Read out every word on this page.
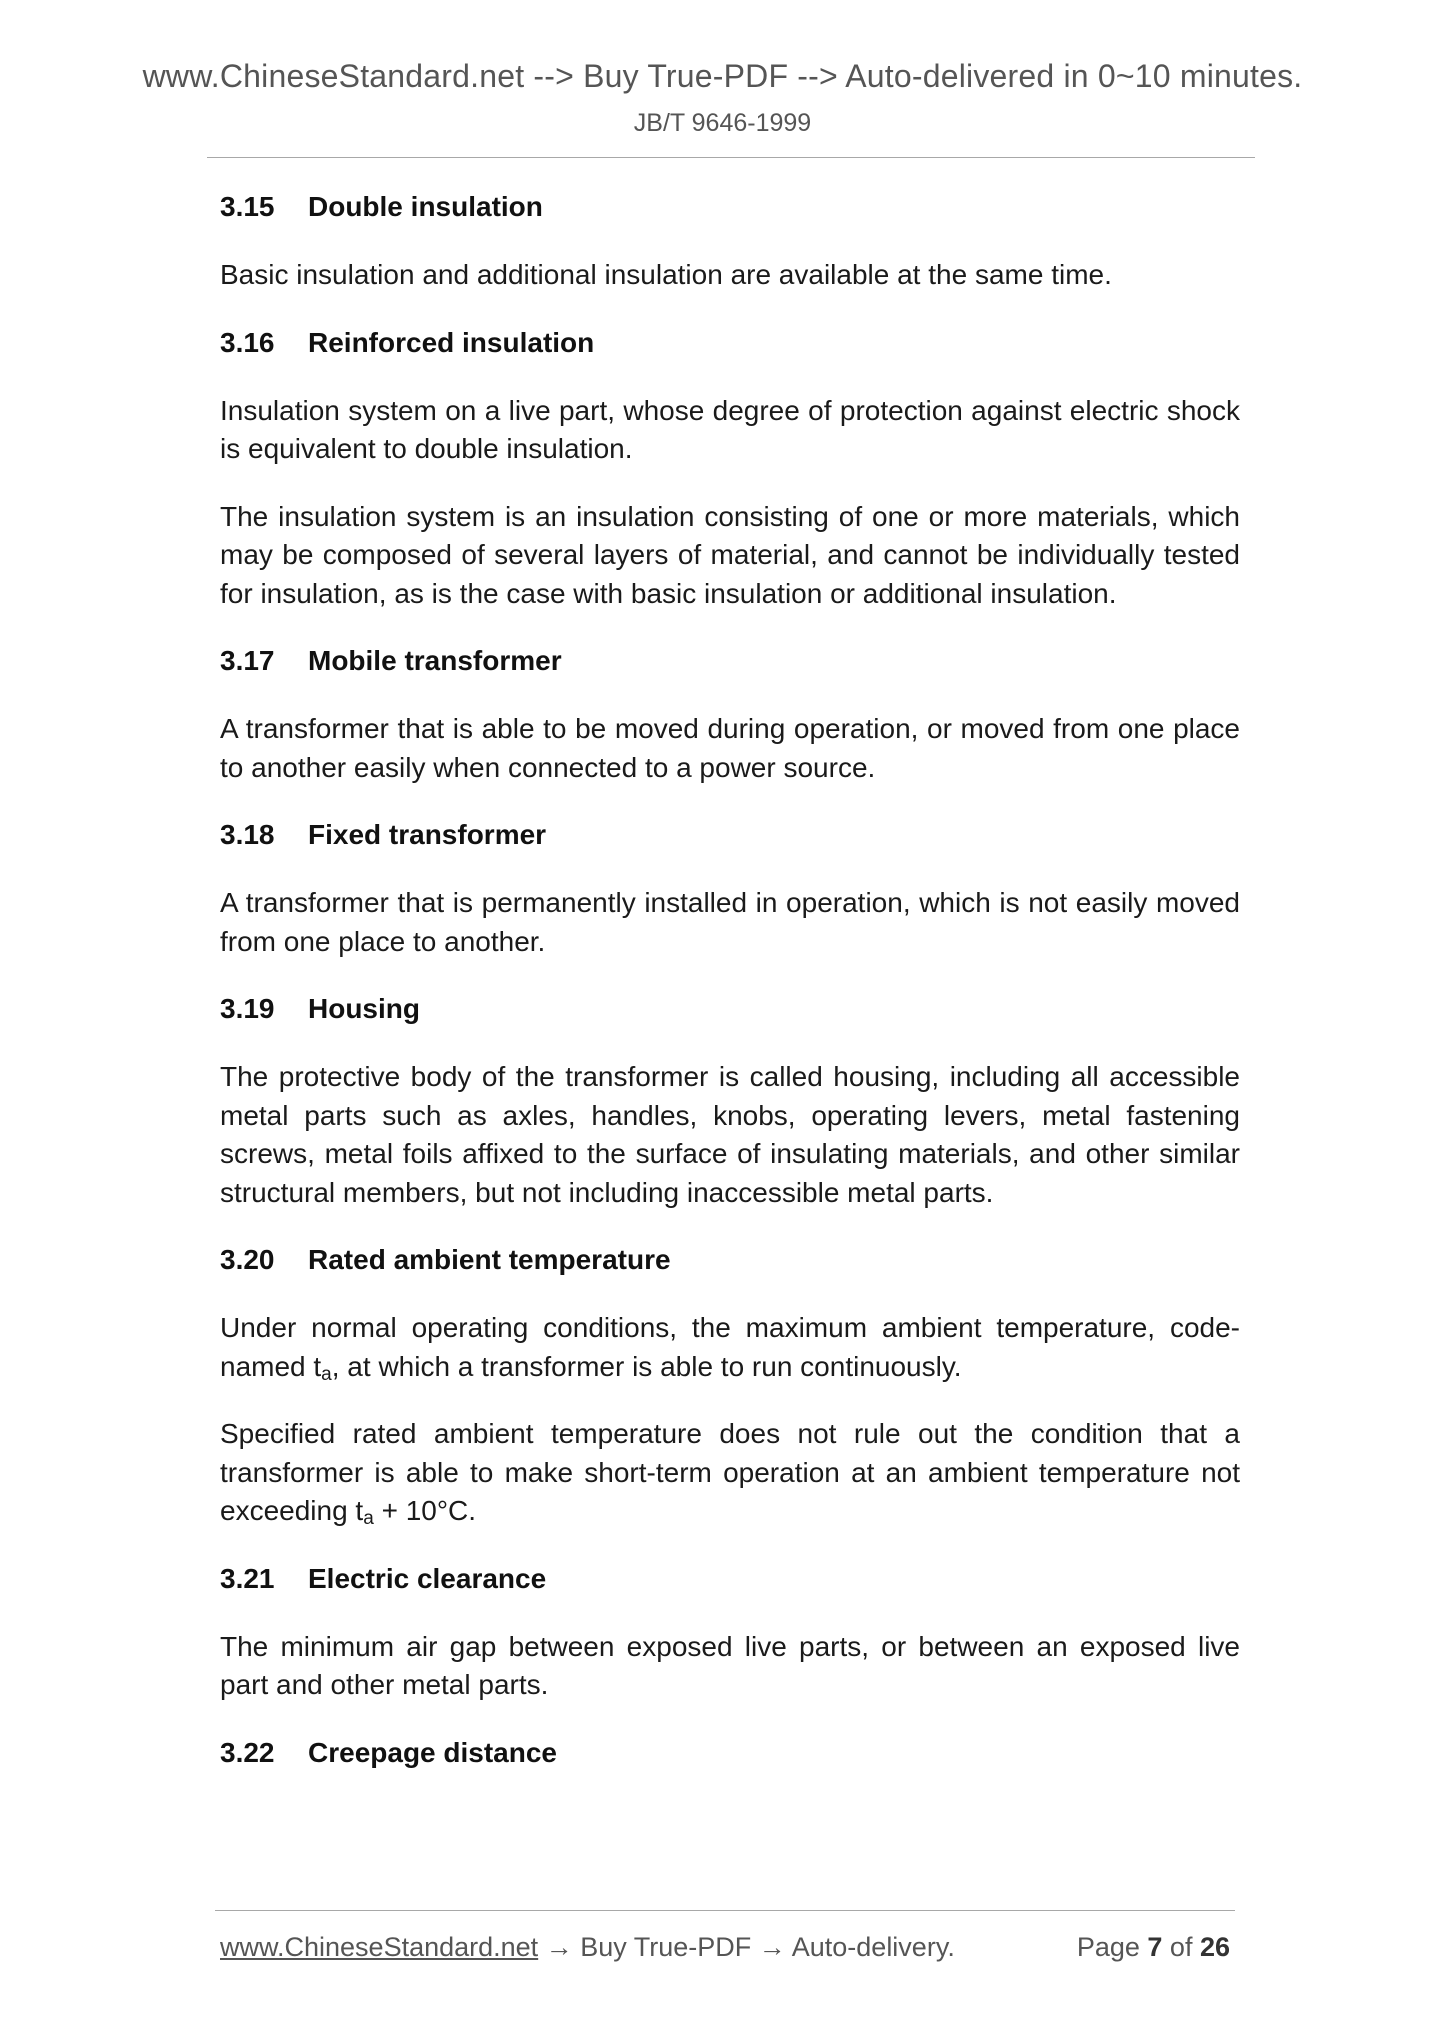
www.ChineseStandard.net --> Buy True-PDF --> Auto-delivered in 0~10 minutes.
JB/T 9646-1999
3.15 Double insulation

Basic insulation and additional insulation are available at the same time.

3.16 Reinforced insulation

Insulation system on a live part, whose degree of protection against electric shock is equivalent to double insulation.

The insulation system is an insulation consisting of one or more materials, which may be composed of several layers of material, and cannot be individually tested for insulation, as is the case with basic insulation or additional insulation.

3.17 Mobile transformer

A transformer that is able to be moved during operation, or moved from one place to another easily when connected to a power source.

3.18 Fixed transformer

A transformer that is permanently installed in operation, which is not easily moved from one place to another.

3.19 Housing

The protective body of the transformer is called housing, including all accessible metal parts such as axles, handles, knobs, operating levers, metal fastening screws, metal foils affixed to the surface of insulating materials, and other similar structural members, but not including inaccessible metal parts.

3.20 Rated ambient temperature

Under normal operating conditions, the maximum ambient temperature, code-named $t_a$, at which a transformer is able to run continuously.

Specified rated ambient temperature does not rule out the condition that a transformer is able to make short-term operation at an ambient temperature not exceeding $t_a + 10^\circ C$.

3.21 Electric clearance

The minimum air gap between exposed live parts, or between an exposed live part and other metal parts.

3.22 Creepage distance
www.ChineseStandard.net → Buy True-PDF → Auto-delivery.	Page 7 of 26
